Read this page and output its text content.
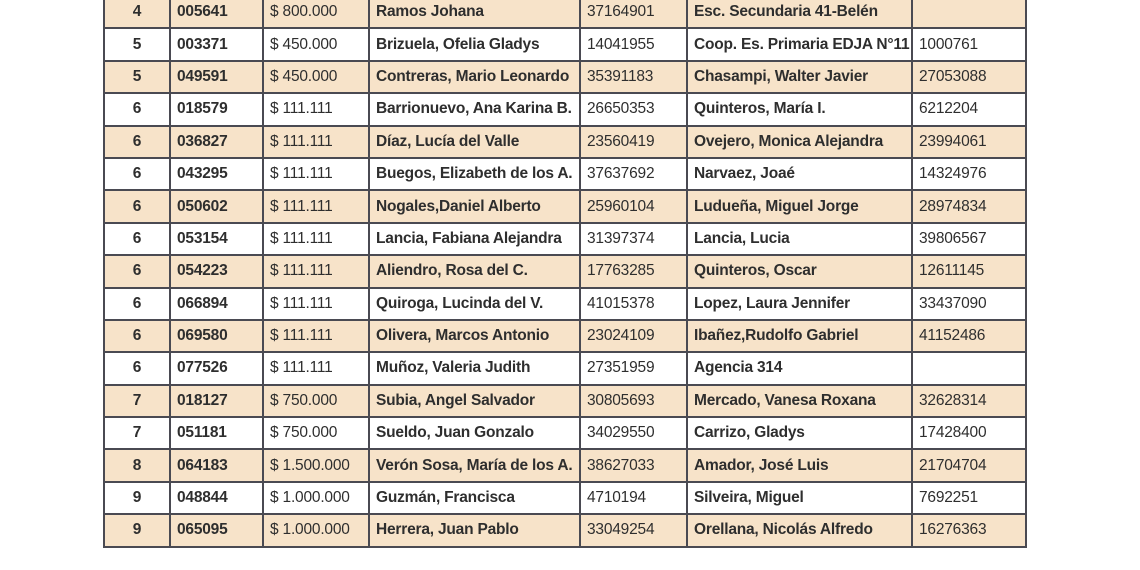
4	005641	$ 800.000	Ramos Johana	37164901	Esc. Secundaria 41-Belén	
5	003371	$ 450.000	Brizuela, Ofelia Gladys	14041955	Coop. Es. Primaria EDJA N°11	1000761
5	049591	$ 450.000	Contreras, Mario Leonardo	35391183	Chasampi, Walter Javier	27053088
6	018579	$ 111.111	Barrionuevo, Ana Karina B.	26650353	Quinteros, María I.	6212204
6	036827	$ 111.111	Díaz, Lucía del Valle	23560419	Ovejero, Monica Alejandra	23994061
6	043295	$ 111.111	Buegos, Elizabeth de los A.	37637692	Narvaez, Joaé	14324976
6	050602	$ 111.111	Nogales,Daniel Alberto	25960104	Ludueña, Miguel Jorge	28974834
6	053154	$ 111.111	Lancia, Fabiana Alejandra	31397374	Lancia, Lucia	39806567
6	054223	$ 111.111	Aliendro, Rosa del C.	17763285	Quinteros, Oscar	12611145
6	066894	$ 111.111	Quiroga, Lucinda del V.	41015378	Lopez, Laura Jennifer	33437090
6	069580	$ 111.111	Olivera, Marcos Antonio	23024109	Ibañez,Rudolfo Gabriel	41152486
6	077526	$ 111.111	Muñoz, Valeria Judith	27351959	Agencia 314	
7	018127	$ 750.000	Subia, Angel Salvador	30805693	Mercado, Vanesa Roxana	32628314
7	051181	$ 750.000	Sueldo, Juan Gonzalo	34029550	Carrizo, Gladys	17428400
8	064183	$ 1.500.000	Verón Sosa, María de los A.	38627033	Amador, José Luis	21704704
9	048844	$ 1.000.000	Guzmán, Francisca	4710194	Silveira, Miguel	7692251
9	065095	$ 1.000.000	Herrera, Juan Pablo	33049254	Orellana, Nicolás Alfredo	16276363
